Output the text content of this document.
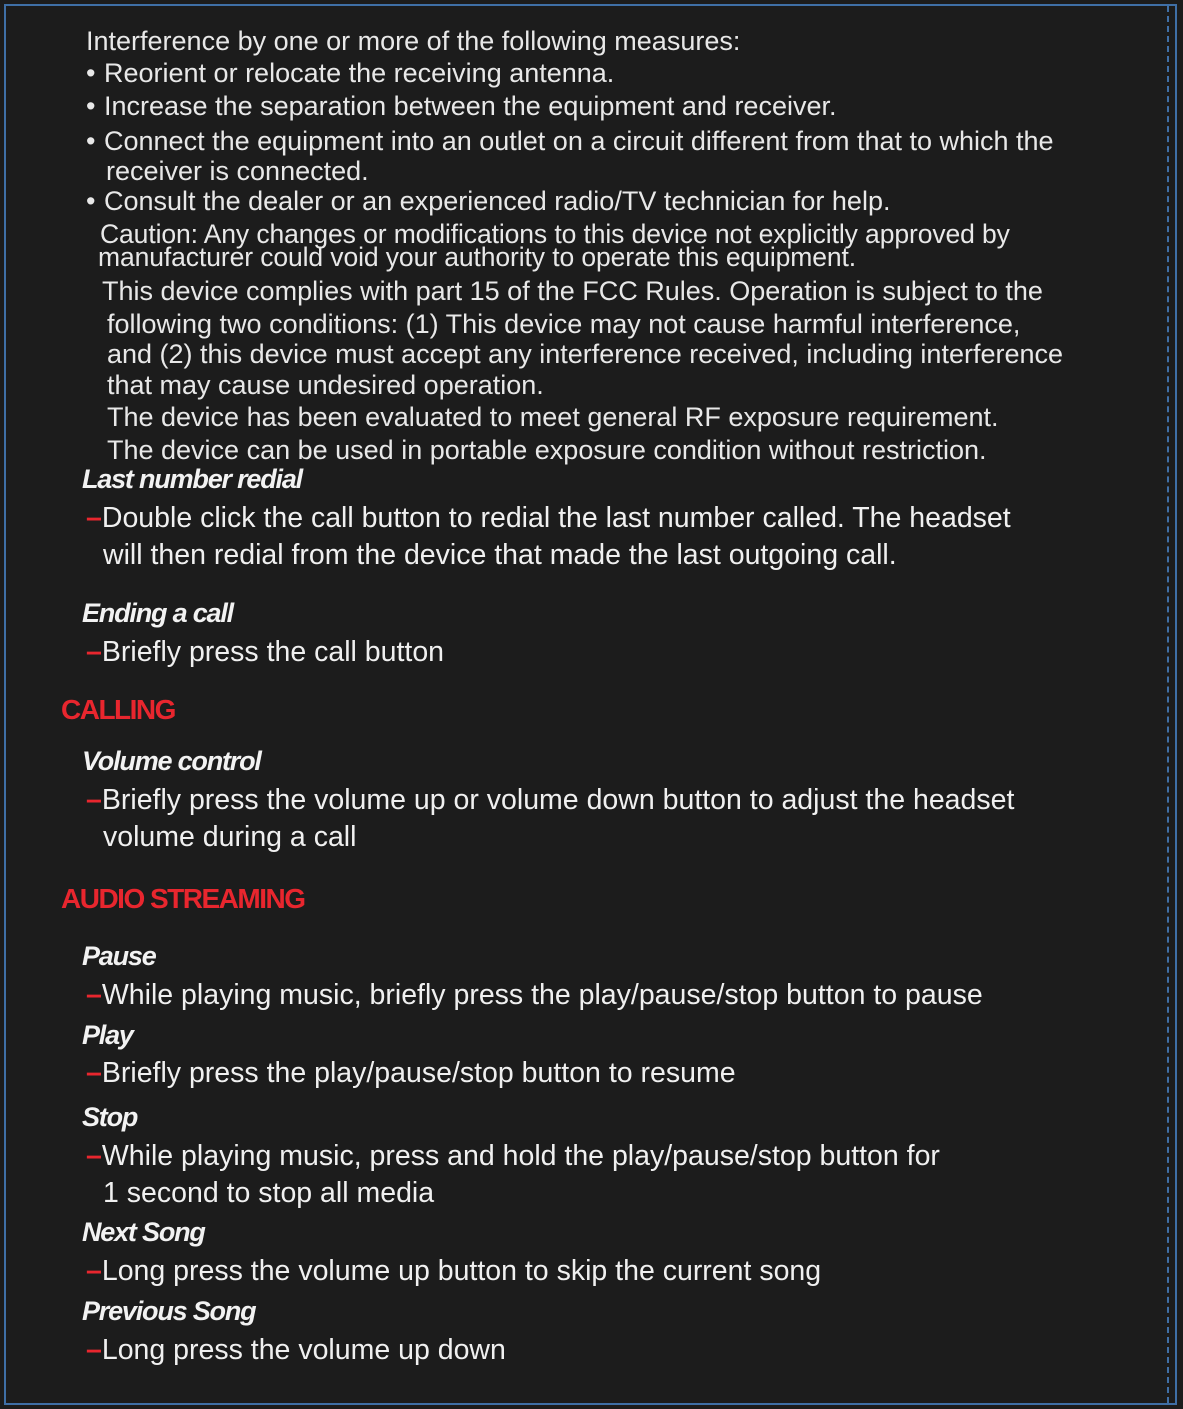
Interference by one or more of the following measures:
• Reorient or relocate the receiving antenna.
• Increase the separation between the equipment and receiver.
• Connect the equipment into an outlet on a circuit different from that to which the
receiver is connected.
• Consult the dealer or an experienced radio/TV technician for help.
Caution: Any changes or modifications to this device not explicitly approved by
manufacturer could void your authority to operate this equipment.
This device complies with part 15 of the FCC Rules. Operation is subject to the
following two conditions: (1) This device may not cause harmful interference,
and (2) this device must accept any interference received, including interference
that may cause undesired operation.
The device has been evaluated to meet general RF exposure requirement.
The device can be used in portable exposure condition without restriction.
Last number redial
–Double click the call button to redial the last number called. The headset
will then redial from the device that made the last outgoing call.
Ending a call
–Briefly press the call button
CALLING
Volume control
–Briefly press the volume up or volume down button to adjust the headset
volume during a call
AUDIO STREAMING
Pause
–While playing music, briefly press the play/pause/stop button to pause
Play
–Briefly press the play/pause/stop button to resume
Stop
–While playing music, press and hold the play/pause/stop button for
1 second to stop all media
Next Song
–Long press the volume up button to skip the current song
Previous Song
–Long press the volume up down
